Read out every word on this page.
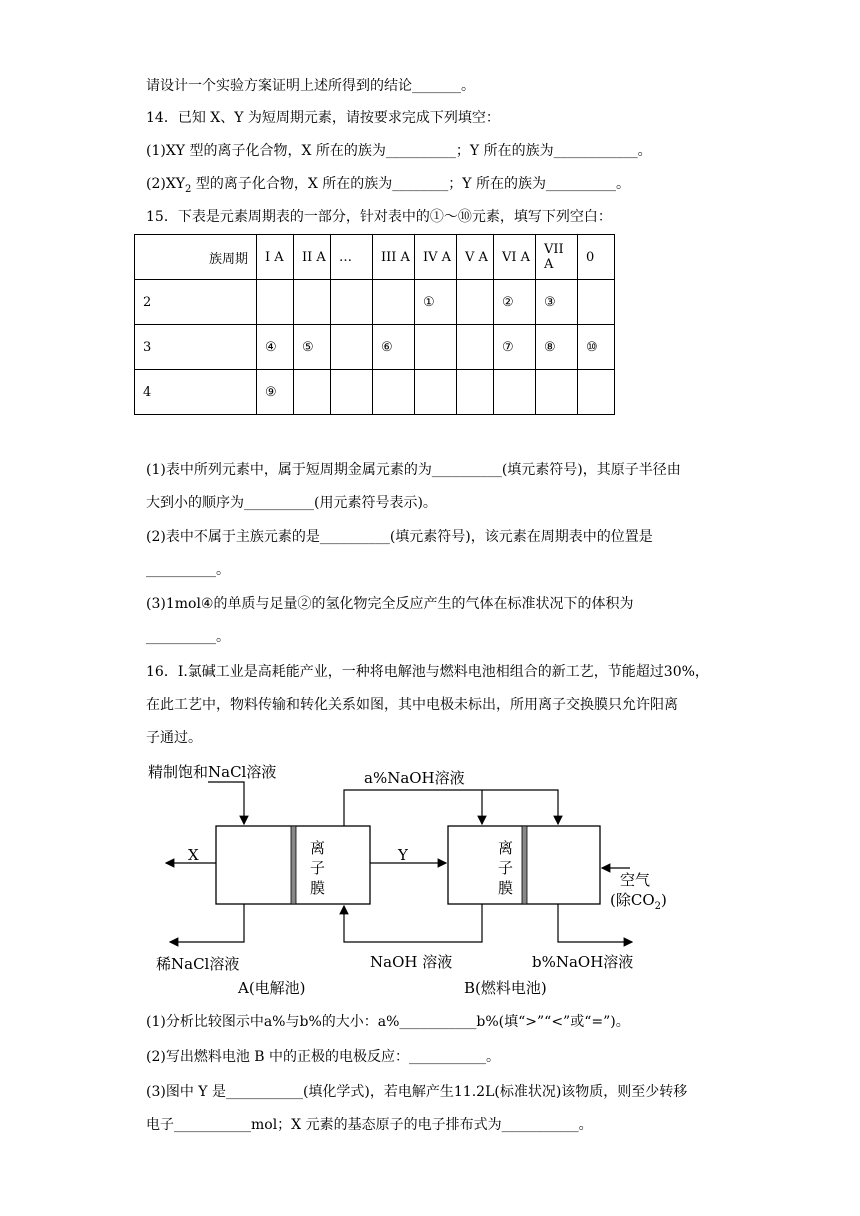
请设计一个实验方案证明上述所得到的结论_______。
14．已知 X、Y 为短周期元素，请按要求完成下列填空：
(1)XY 型的离子化合物，X 所在的族为__________；Y 所在的族为____________。
$(2)XY_2$ 型的离子化合物，X 所在的族为________；Y 所在的族为__________。
15．下表是元素周期表的一部分，针对表中的①～⑩元素，填写下列空白：
族周期	I A	II A	…	III A	IV A	V A	VI A	VII A	0
2					①		②	③	
3	④	⑤		⑥			⑦	⑧	⑩
4	⑨								
(1)表中所列元素中，属于短周期金属元素的为__________(填元素符号)，其原子半径由
大到小的顺序为__________(用元素符号表示)。
(2)表中不属于主族元素的是__________(填元素符号)，该元素在周期表中的位置是
__________。
(3)1mol④的单质与足量②的氢化物完全反应产生的气体在标准状况下的体积为
__________。
16．I.氯碱工业是高耗能产业，一种将电解池与燃料电池相组合的新工艺，节能超过30%，
在此工艺中，物料传输和转化关系如图，其中电极未标出，所用离子交换膜只允许阳离
子通过。
精制饱和NaCl溶液	a%NaOH溶液
离
子
膜
离
子
膜
X	Y
空气
(除$CO_2$)
稀NaCl溶液	NaOH 溶液	b%NaOH溶液
A(电解池)	B(燃料电池)
(1)分析比较图示中a%与b%的大小：a%___________b%(填“>”“<”或“=”)。
(2)写出燃料电池 B 中的正极的电极反应：___________。
(3)图中 Y 是___________(填化学式)，若电解产生11.2L(标准状况)该物质，则至少转移
电子___________mol；X 元素的基态原子的电子排布式为___________。
